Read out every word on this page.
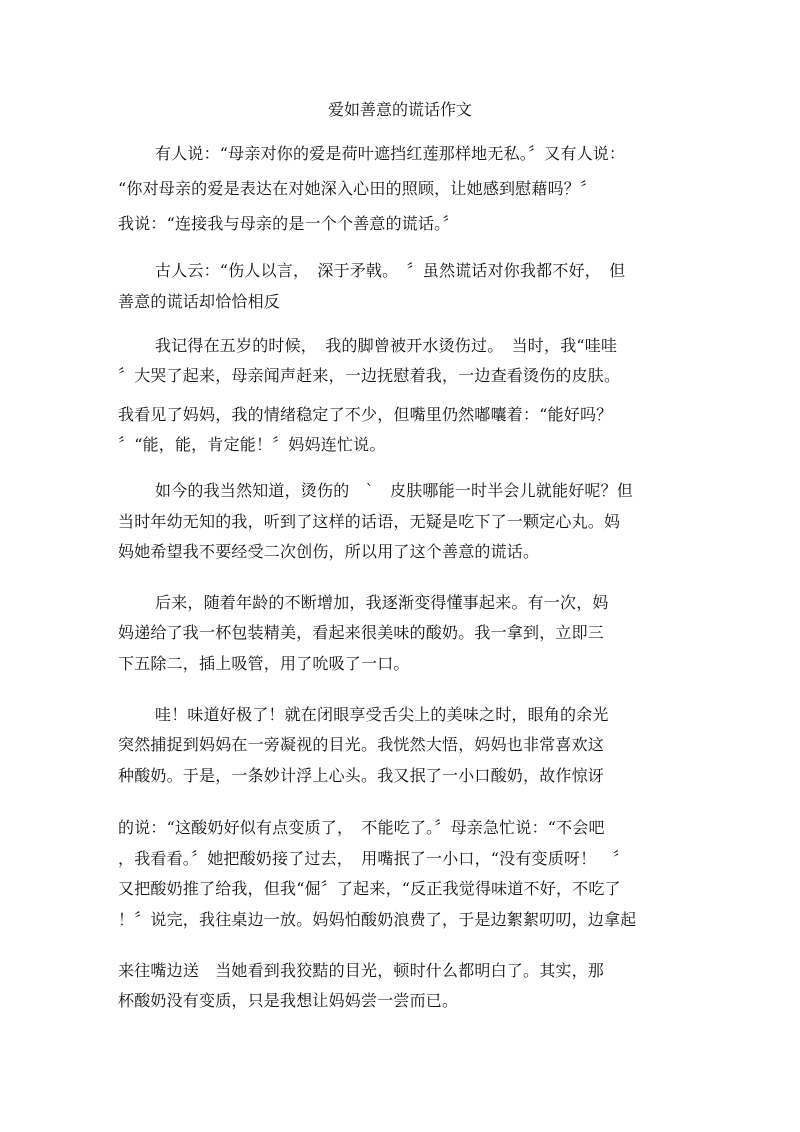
爱如善意的谎话作文
有人说：“母亲对你的爱是荷叶遮挡红莲那样地无私。〞又有人说：
“你对母亲的爱是表达在对她深入心田的照顾，让她感到慰藉吗？〞
我说：“连接我与母亲的是一个个善意的谎话。〞
古人云：“伤人以言，　深于矛戟。　〞虽然谎话对你我都不好，　但
善意的谎话却恰恰相反
我记得在五岁的时候，　我的脚曾被开水烫伤过。　当时，我“哇哇
〞大哭了起来，母亲闻声赶来，一边抚慰着我，一边查看烫伤的皮肤。
我看见了妈妈，我的情绪稳定了不少，但嘴里仍然嘟囔着：“能好吗？
〞“能，能，肯定能！〞妈妈连忙说。
如今的我当然知道，烫伤的　`　皮肤哪能一时半会儿就能好呢？但
当时年幼无知的我，听到了这样的话语，无疑是吃下了一颗定心丸。妈
妈她希望我不要经受二次创伤，所以用了这个善意的谎话。
后来，随着年龄的不断增加，我逐渐变得懂事起来。有一次，妈
妈递给了我一杯包装精美，看起来很美味的酸奶。我一拿到，立即三
下五除二，插上吸管，用了吮吸了一口。
哇！味道好极了！就在闭眼享受舌尖上的美味之时，眼角的余光
突然捕捉到妈妈在一旁凝视的目光。我恍然大悟，妈妈也非常喜欢这
种酸奶。于是，一条妙计浮上心头。我又抿了一小口酸奶，故作惊讶
的说：“这酸奶好似有点变质了，　不能吃了。〞母亲急忙说：“不会吧
，我看看。〞她把酸奶接了过去，　用嘴抿了一小口，“没有变质呀！　〞
又把酸奶推了给我，但我“倔〞了起来，“反正我觉得味道不好，不吃了
！〞说完，我往桌边一放。妈妈怕酸奶浪费了，于是边絮絮叨叨，边拿起
来往嘴边送　当她看到我狡黠的目光，顿时什么都明白了。其实，那
杯酸奶没有变质，只是我想让妈妈尝一尝而已。
